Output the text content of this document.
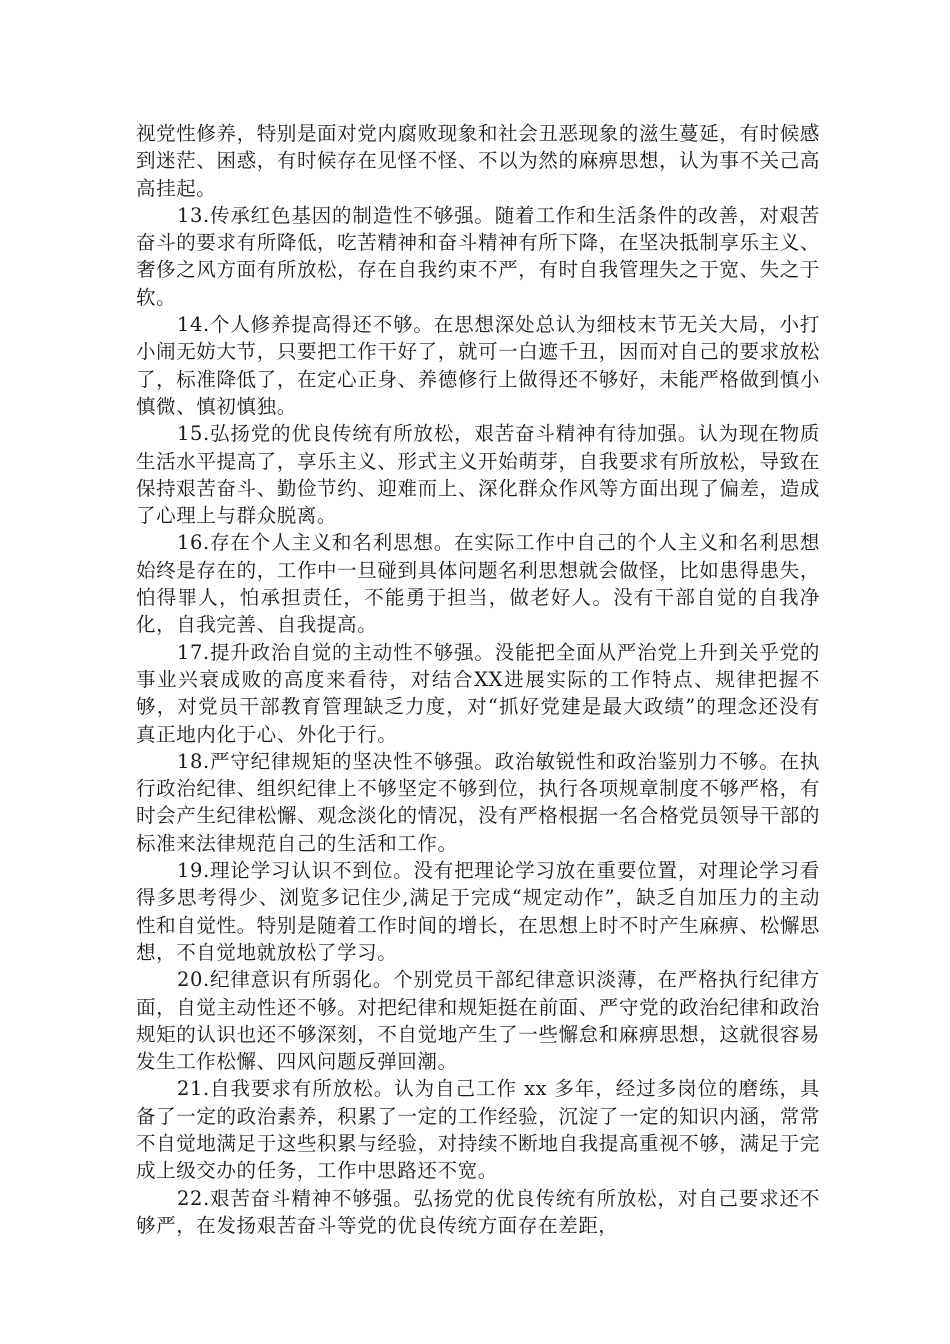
视党性修养，特别是面对党内腐败现象和社会丑恶现象的滋生蔓延，有时候感到迷茫、困惑，有时候存在见怪不怪、不以为然的麻痹思想，认为事不关己高高挂起。

13.传承红色基因的制造性不够强。随着工作和生活条件的改善，对艰苦奋斗的要求有所降低，吃苦精神和奋斗精神有所下降，在坚决抵制享乐主义、奢侈之风方面有所放松，存在自我约束不严，有时自我管理失之于宽、失之于软。

14.个人修养提高得还不够。在思想深处总认为细枝末节无关大局，小打小闹无妨大节，只要把工作干好了，就可一白遮千丑，因而对自己的要求放松了，标准降低了，在定心正身、养德修行上做得还不够好，未能严格做到慎小慎微、慎初慎独。

15.弘扬党的优良传统有所放松，艰苦奋斗精神有待加强。认为现在物质生活水平提高了，享乐主义、形式主义开始萌芽，自我要求有所放松，导致在保持艰苦奋斗、勤俭节约、迎难而上、深化群众作风等方面出现了偏差，造成了心理上与群众脱离。

16.存在个人主义和名利思想。在实际工作中自己的个人主义和名利思想始终是存在的，工作中一旦碰到具体问题名利思想就会做怪，比如患得患失，怕得罪人，怕承担责任，不能勇于担当，做老好人。没有干部自觉的自我净化，自我完善、自我提高。

17.提升政治自觉的主动性不够强。没能把全面从严治党上升到关乎党的事业兴衰成败的高度来看待，对结合XX进展实际的工作特点、规律把握不够，对党员干部教育管理缺乏力度，对“抓好党建是最大政绩”的理念还没有真正地内化于心、外化于行。

18.严守纪律规矩的坚决性不够强。政治敏锐性和政治鉴别力不够。在执行政治纪律、组织纪律上不够坚定不够到位，执行各项规章制度不够严格，有时会产生纪律松懈、观念淡化的情况，没有严格根据一名合格党员领导干部的标准来法律规范自己的生活和工作。

19.理论学习认识不到位。没有把理论学习放在重要位置，对理论学习看得多思考得少、浏览多记住少,满足于完成“规定动作”，缺乏自加压力的主动性和自觉性。特别是随着工作时间的增长，在思想上时不时产生麻痹、松懈思想，不自觉地就放松了学习。

20.纪律意识有所弱化。个别党员干部纪律意识淡薄，在严格执行纪律方面，自觉主动性还不够。对把纪律和规矩挺在前面、严守党的政治纪律和政治规矩的认识也还不够深刻，不自觉地产生了一些懈怠和麻痹思想，这就很容易发生工作松懈、四风问题反弹回潮。

21.自我要求有所放松。认为自己工作 xx 多年，经过多岗位的磨练，具备了一定的政治素养，积累了一定的工作经验，沉淀了一定的知识内涵，常常不自觉地满足于这些积累与经验，对持续不断地自我提高重视不够，满足于完成上级交办的任务，工作中思路还不宽。

22.艰苦奋斗精神不够强。弘扬党的优良传统有所放松，对自己要求还不够严，在发扬艰苦奋斗等党的优良传统方面存在差距，
